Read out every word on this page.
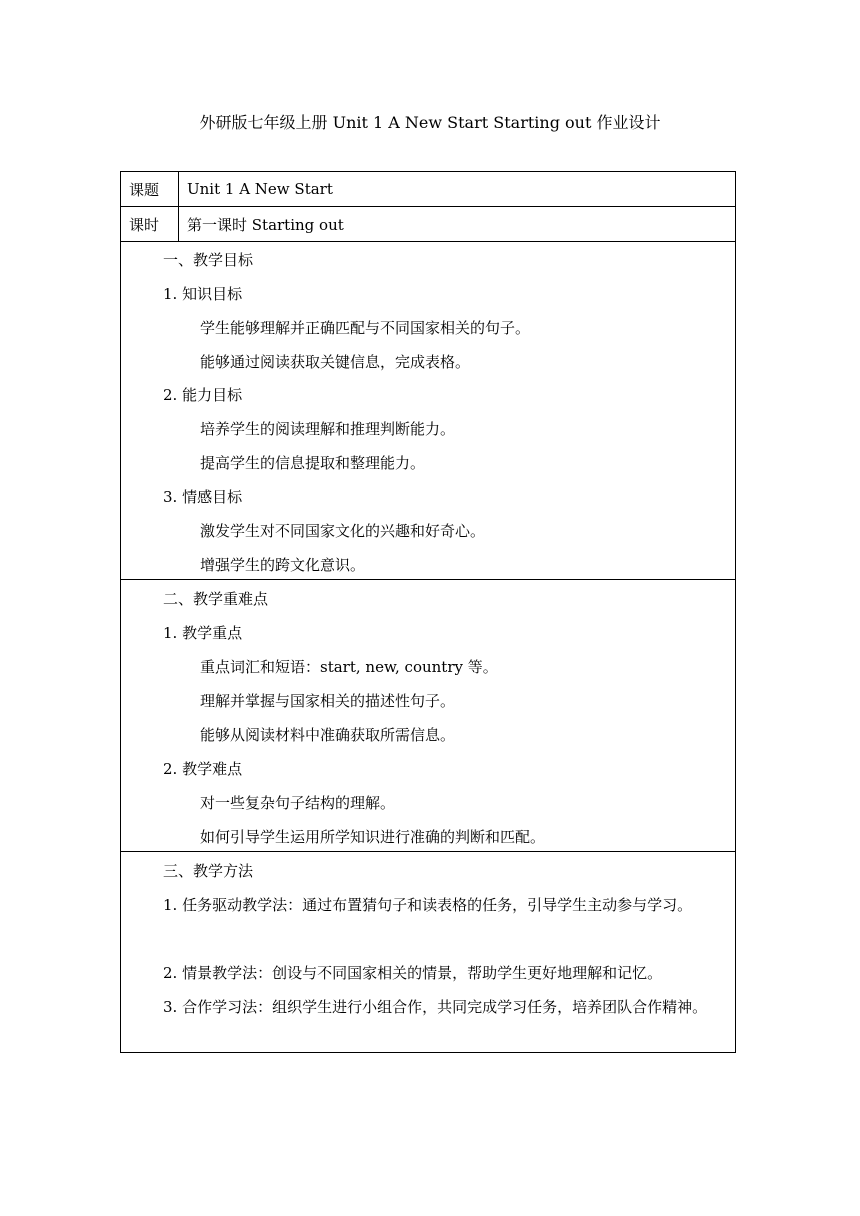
外研版七年级上册 Unit 1 A New Start Starting out 作业设计
课题	Unit 1 A New Start
课时	第一课时 Starting out
一、教学目标
1. 知识目标
学生能够理解并正确匹配与不同国家相关的句子。
能够通过阅读获取关键信息，完成表格。
2. 能力目标
培养学生的阅读理解和推理判断能力。
提高学生的信息提取和整理能力。
3. 情感目标
激发学生对不同国家文化的兴趣和好奇心。
增强学生的跨文化意识。
二、教学重难点
1. 教学重点
重点词汇和短语：start, new, country 等。
理解并掌握与国家相关的描述性句子。
能够从阅读材料中准确获取所需信息。
2. 教学难点
对一些复杂句子结构的理解。
如何引导学生运用所学知识进行准确的判断和匹配。
三、教学方法
1. 任务驱动教学法：通过布置猜句子和读表格的任务，引导学生主动参与学习。
2. 情景教学法：创设与不同国家相关的情景，帮助学生更好地理解和记忆。
3. 合作学习法：组织学生进行小组合作，共同完成学习任务，培养团队合作精神。
